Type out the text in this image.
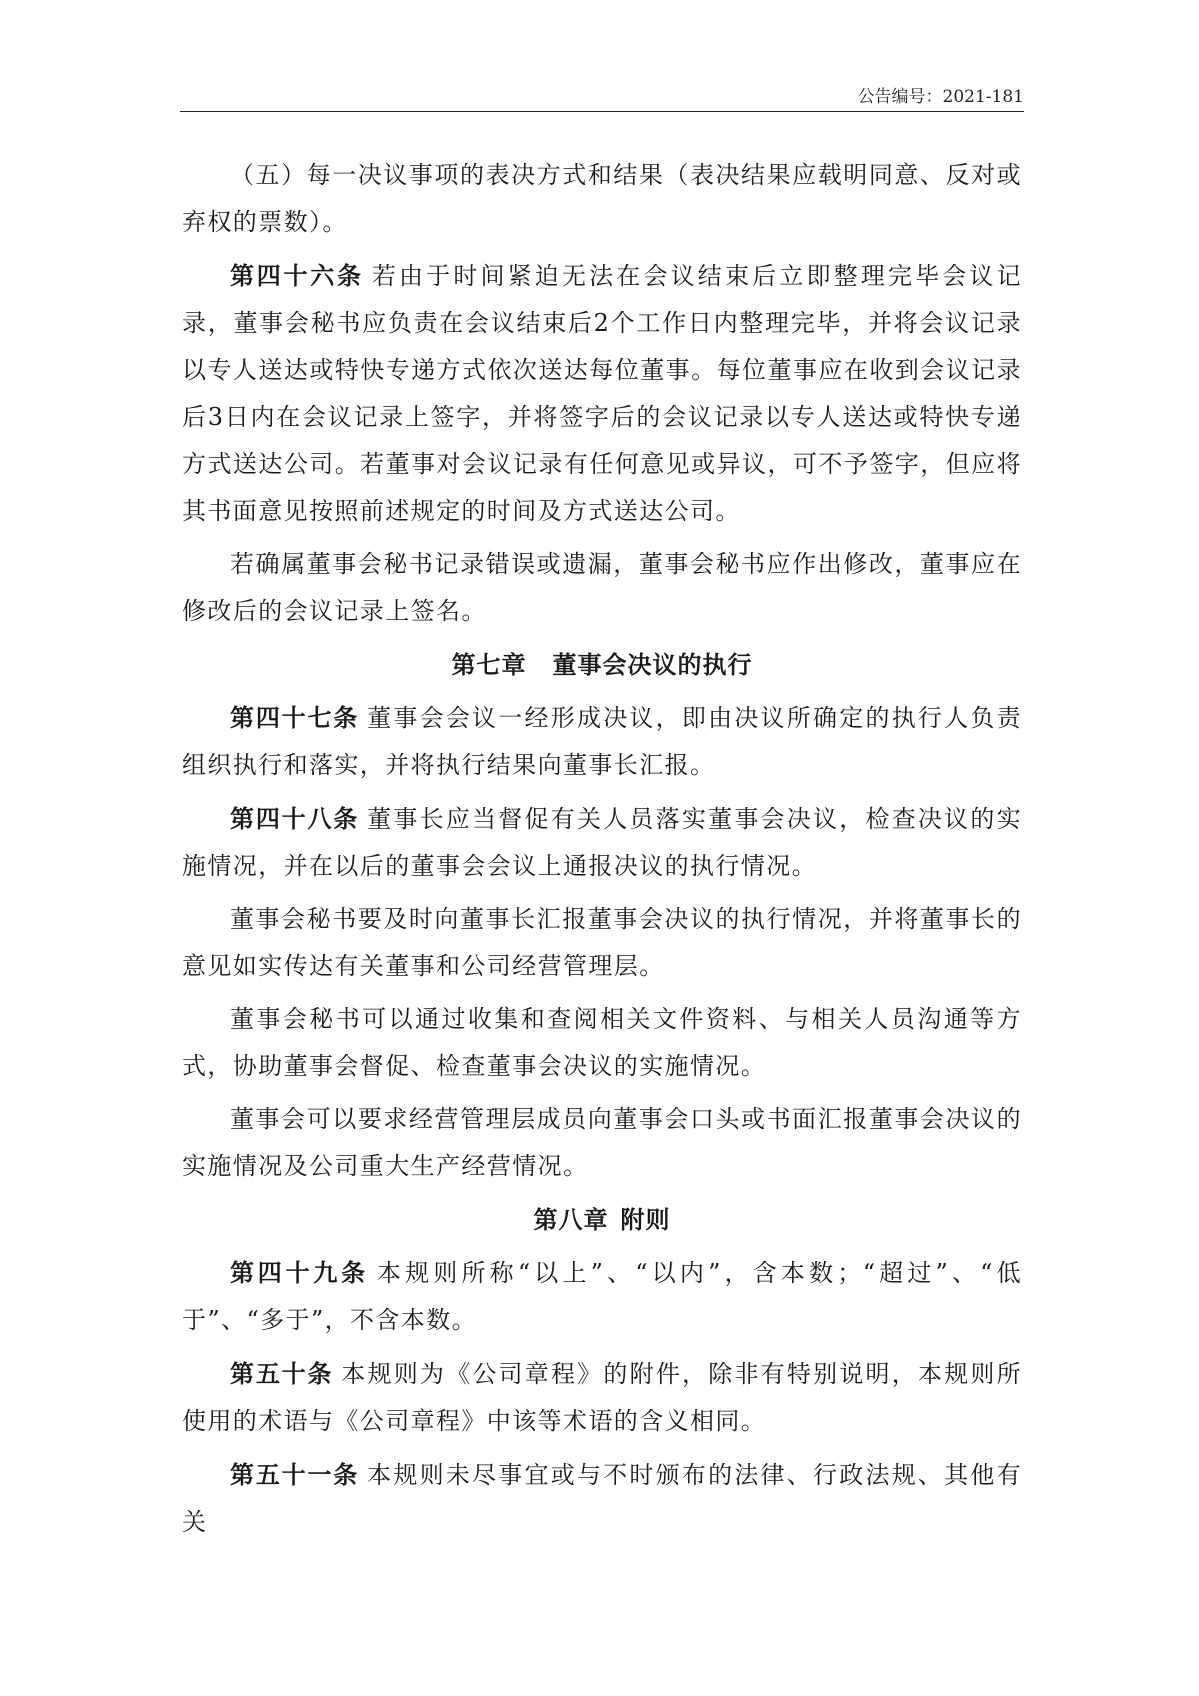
公告编号：2021-181

（五）每一决议事项的表决方式和结果（表决结果应载明同意、反对或弃权的票数）。

第四十六条 若由于时间紧迫无法在会议结束后立即整理完毕会议记录，董事会秘书应负责在会议结束后2个工作日内整理完毕，并将会议记录以专人送达或特快专递方式依次送达每位董事。每位董事应在收到会议记录后3日内在会议记录上签字，并将签字后的会议记录以专人送达或特快专递方式送达公司。若董事对会议记录有任何意见或异议，可不予签字，但应将其书面意见按照前述规定的时间及方式送达公司。

若确属董事会秘书记录错误或遗漏，董事会秘书应作出修改，董事应在修改后的会议记录上签名。

第七章 董事会决议的执行

第四十七条 董事会会议一经形成决议，即由决议所确定的执行人负责组织执行和落实，并将执行结果向董事长汇报。

第四十八条 董事长应当督促有关人员落实董事会决议，检查决议的实施情况，并在以后的董事会会议上通报决议的执行情况。

董事会秘书要及时向董事长汇报董事会决议的执行情况，并将董事长的意见如实传达有关董事和公司经营管理层。

董事会秘书可以通过收集和查阅相关文件资料、与相关人员沟通等方式，协助董事会督促、检查董事会决议的实施情况。

董事会可以要求经营管理层成员向董事会口头或书面汇报董事会决议的实施情况及公司重大生产经营情况。

第八章 附则

第四十九条 本规则所称“以上”、“以内”，含本数；“超过”、“低于”、“多于”，不含本数。

第五十条 本规则为《公司章程》的附件，除非有特别说明，本规则所使用的术语与《公司章程》中该等术语的含义相同。

第五十一条 本规则未尽事宜或与不时颁布的法律、行政法规、其他有关
